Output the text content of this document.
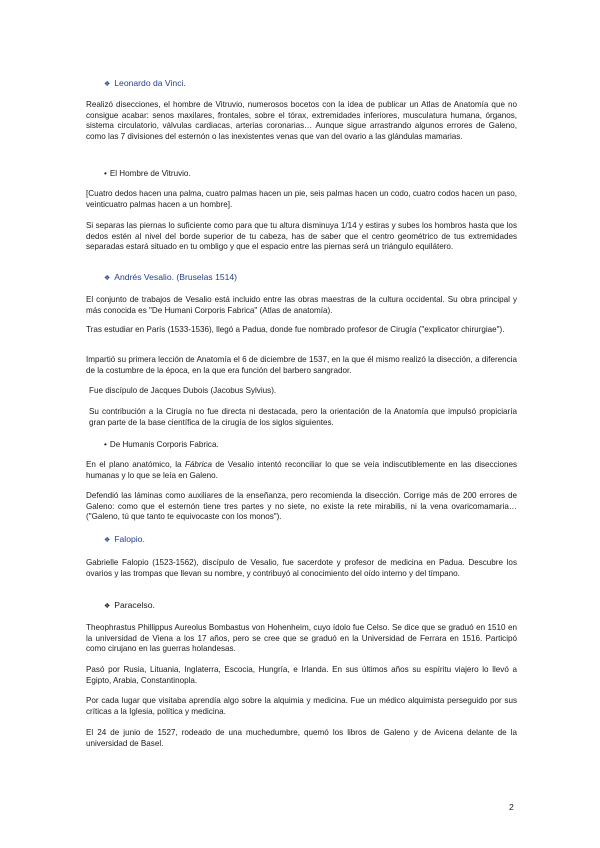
❖ Leonardo da Vinci.

Realizó disecciones, el hombre de Vitruvio, numerosos bocetos con la idea de publicar un Atlas de Anatomía que no consigue acabar: senos maxilares, frontales, sobre el tórax, extremidades inferiores, musculatura humana, órganos, sistema circulatorio, válvulas cardiacas, arterias coronarias… Aunque sigue arrastrando algunos errores de Galeno, como las 7 divisiones del esternón o las inexistentes venas que van del ovario a las glándulas mamarias.

• El Hombre de Vitruvio.

[Cuatro dedos hacen una palma, cuatro palmas hacen un pie, seis palmas hacen un codo, cuatro codos hacen un paso, veinticuatro palmas hacen a un hombre].

Si separas las piernas lo suficiente como para que tu altura disminuya 1/14 y estiras y subes los hombros hasta que los dedos estén al nivel del borde superior de tu cabeza, has de saber que el centro geométrico de tus extremidades separadas estará situado en tu ombligo y que el espacio entre las piernas será un triángulo equilátero.

❖ Andrés Vesalio. (Bruselas 1514)

El conjunto de trabajos de Vesalio está incluido entre las obras maestras de la cultura occidental. Su obra principal y más conocida es "De Humani Corporis Fabrica" (Atlas de anatomía).

Tras estudiar en París (1533-1536), llegó a Padua, donde fue nombrado profesor de Cirugía ("explicator chirurgiae").

Impartió su primera lección de Anatomía el 6 de diciembre de 1537, en la que él mismo realizó la disección, a diferencia de la costumbre de la época, en la que era función del barbero sangrador.

Fue discípulo de Jacques Dubois (Jacobus Sylvius).

Su contribución a la Cirugía no fue directa ni destacada, pero la orientación de la Anatomía que impulsó propiciaría gran parte de la base científica de la cirugía de los siglos siguientes.

• De Humanis Corporis Fabrica.

En el plano anatómico, la Fábrica de Vesalio intentó reconciliar lo que se veía indiscutiblemente en las disecciones humanas y lo que se leía en Galeno.

Defendió las láminas como auxiliares de la enseñanza, pero recomienda la disección. Corrige más de 200 errores de Galeno: como que el esternón tiene tres partes y no siete, no existe la rete mirabilis, ni la vena ovaricomamaria… ("Galeno, tú que tanto te equivocaste con los monos").

❖ Falopio.

Gabrielle Falopio (1523-1562), discípulo de Vesalio, fue sacerdote y profesor de medicina en Padua. Descubre los ovarios y las trompas que llevan su nombre, y contribuyó al conocimiento del oído interno y del tímpano.

❖ Paracelso.

Theophrastus Phillippus Aureolus Bombastus von Hohenheim, cuyo ídolo fue Celso. Se dice que se graduó en 1510 en la universidad de Viena a los 17 años, pero se cree que se graduó en la Universidad de Ferrara en 1516. Participó como cirujano en las guerras holandesas.

Pasó por Rusia, Lituania, Inglaterra, Escocia, Hungría, e Irlanda. En sus últimos años su espíritu viajero lo llevó a Egipto, Arabia, Constantinopla.

Por cada lugar que visitaba aprendía algo sobre la alquimia y medicina. Fue un médico alquimista perseguido por sus críticas a la Iglesia, política y medicina.

El 24 de junio de 1527, rodeado de una muchedumbre, quemó los libros de Galeno y de Avicena delante de la universidad de Basel.

2
